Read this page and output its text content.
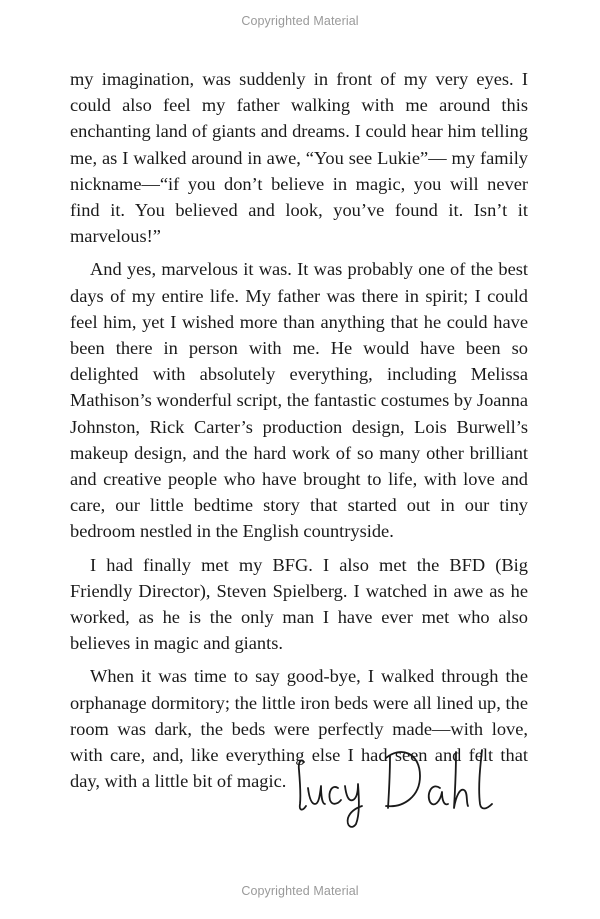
Copyrighted Material

my imagination, was suddenly in front of my very eyes. I could also feel my father walking with me around this enchanting land of giants and dreams. I could hear him telling me, as I walked around in awe, “You see Lukie”— my family nickname—“if you don’t believe in magic, you will never find it. You believed and look, you’ve found it. Isn’t it marvelous!”

And yes, marvelous it was. It was probably one of the best days of my entire life. My father was there in spirit; I could feel him, yet I wished more than anything that he could have been there in person with me. He would have been so delighted with absolutely everything, including Melissa Mathison’s wonderful script, the fantastic costumes by Joanna Johnston, Rick Carter’s production design, Lois Burwell’s makeup design, and the hard work of so many other brilliant and creative people who have brought to life, with love and care, our little bedtime story that started out in our tiny bedroom nestled in the English countryside.

I had finally met my BFG. I also met the BFD (Big Friendly Director), Steven Spielberg. I watched in awe as he worked, as he is the only man I have ever met who also believes in magic and giants.

When it was time to say good-bye, I walked through the orphanage dormitory; the little iron beds were all lined up, the room was dark, the beds were perfectly made—with love, with care, and, like everything else I had seen and felt that day, with a little bit of magic.

Copyrighted Material
